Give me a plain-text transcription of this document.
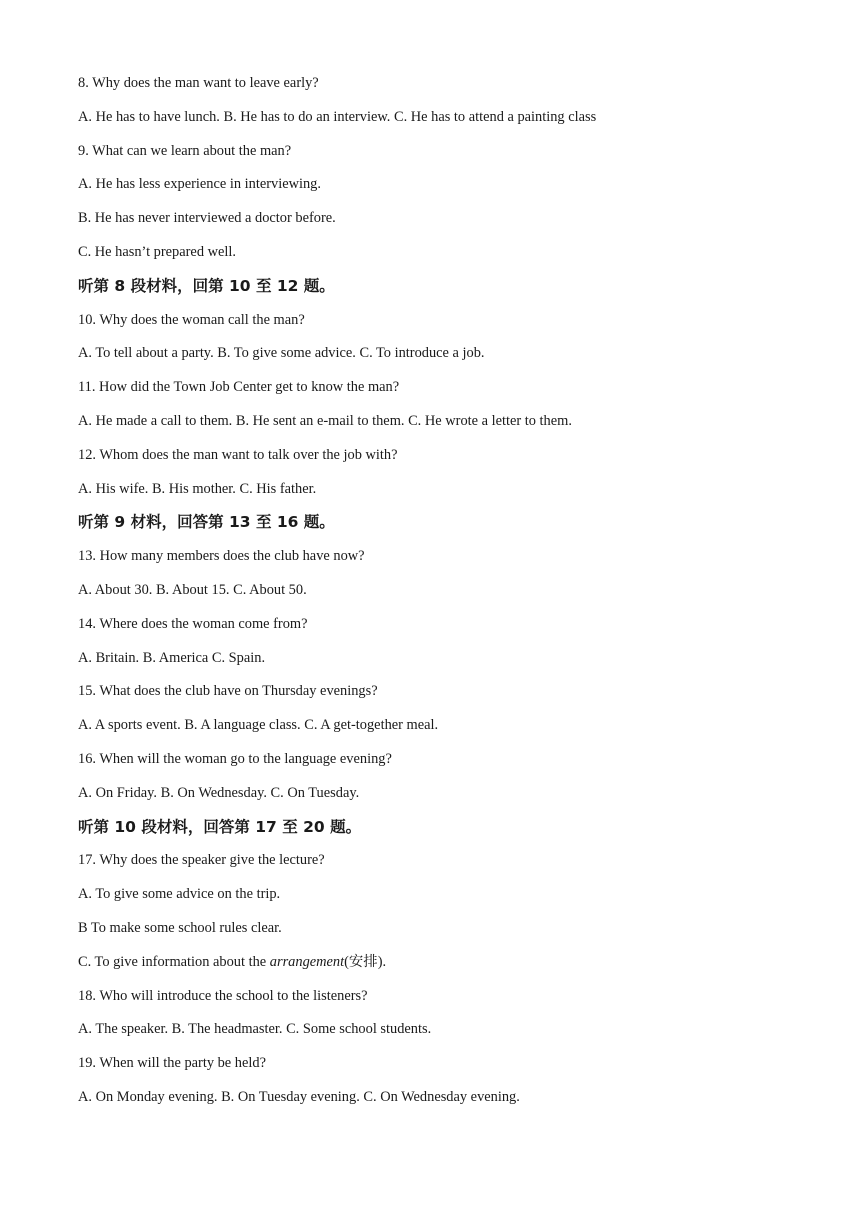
8. Why does the man want to leave early?
A. He has to have lunch. B. He has to do an interview. C. He has to attend a painting class
9. What can we learn about the man?
A. He has less experience in interviewing.
B. He has never interviewed a doctor before.
C. He hasn’t prepared well.
听第 8 段材料，回第 10 至 12 题。
10. Why does the woman call the man?
A. To tell about a party. B. To give some advice. C. To introduce a job.
11. How did the Town Job Center get to know the man?
A. He made a call to them. B. He sent an e-mail to them. C. He wrote a letter to them.
12. Whom does the man want to talk over the job with?
A. His wife. B. His mother. C. His father.
听第 9 材料，回答第 13 至 16 题。
13. How many members does the club have now?
A. About 30. B. About 15. C. About 50.
14. Where does the woman come from?
A. Britain. B. America C. Spain.
15. What does the club have on Thursday evenings?
A. A sports event. B. A language class. C. A get-together meal.
16. When will the woman go to the language evening?
A. On Friday. B. On Wednesday. C. On Tuesday.
听第 10 段材料，回答第 17 至 20 题。
17. Why does the speaker give the lecture?
A. To give some advice on the trip.
B To make some school rules clear.
C. To give information about the arrangement(安排).
18. Who will introduce the school to the listeners?
A. The speaker. B. The headmaster. C. Some school students.
19. When will the party be held?
A. On Monday evening. B. On Tuesday evening. C. On Wednesday evening.
